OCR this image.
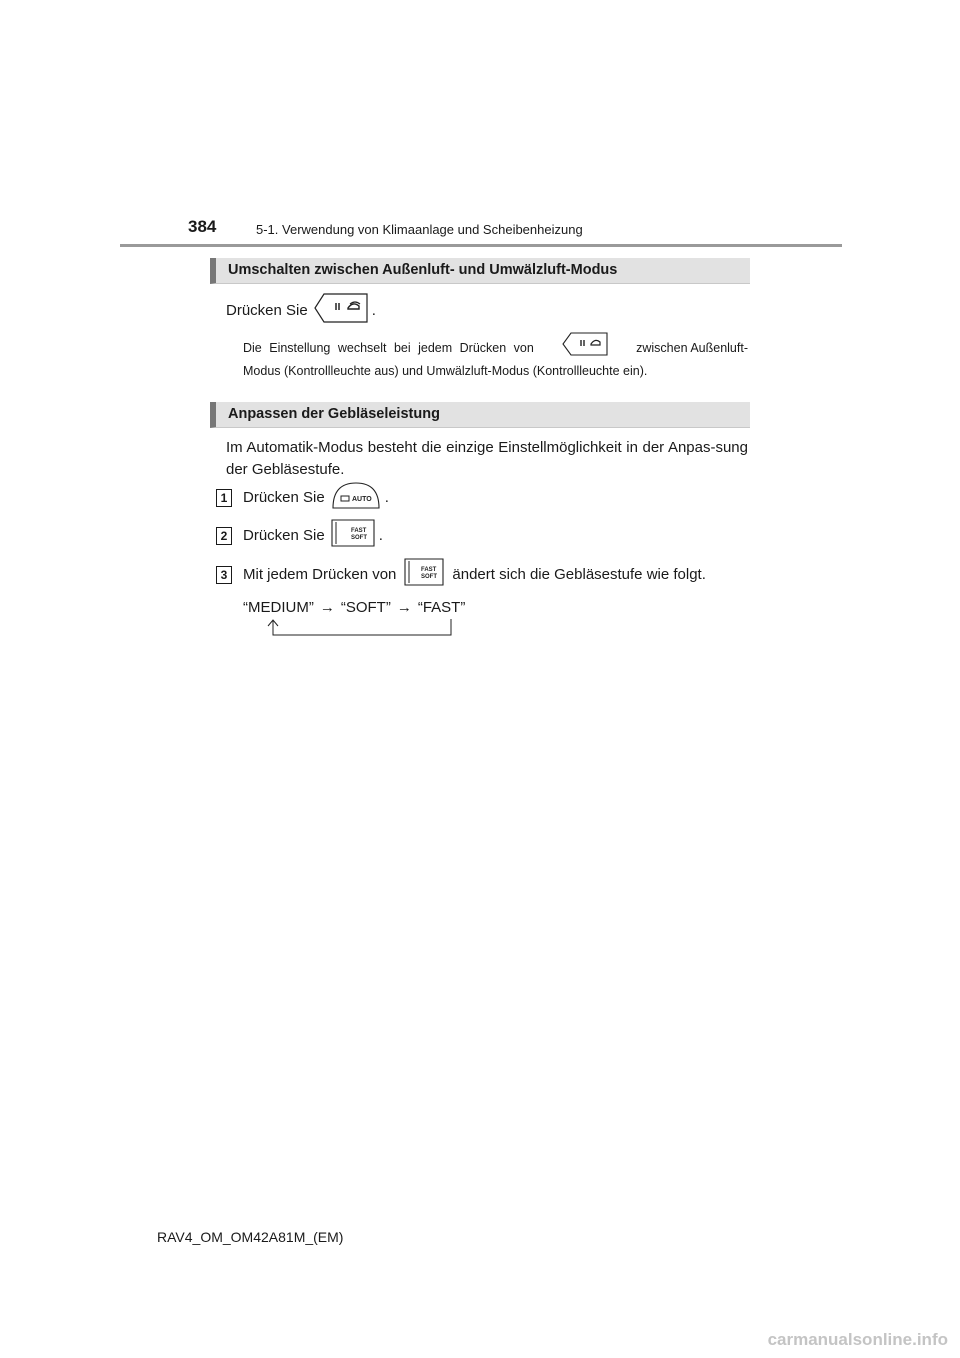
384	5-1. Verwendung von Klimaanlage und Scheibenheizung
Umschalten zwischen Außenluft- und Umwälzluft-Modus
Drücken Sie	.
Die Einstellung wechselt bei jedem Drücken von	zwischen Außenluft-
Modus (Kontrollleuchte aus) und Umwälzluft-Modus (Kontrollleuchte ein).
Anpassen der Gebläseleistung
Im Automatik-Modus besteht die einzige Einstellmöglichkeit in der Anpas-sung der Gebläsestufe.
1	Drücken Sie	AUTO .
2	Drücken Sie	FAST
SOFT .
3	Mit jedem Drücken von	FAST
SOFT ändert sich die Gebläsestufe wie folgt.
“MEDIUM” → “SOFT” → “FAST”
RAV4_OM_OM42A81M_(EM)
carmanualsonline.info
